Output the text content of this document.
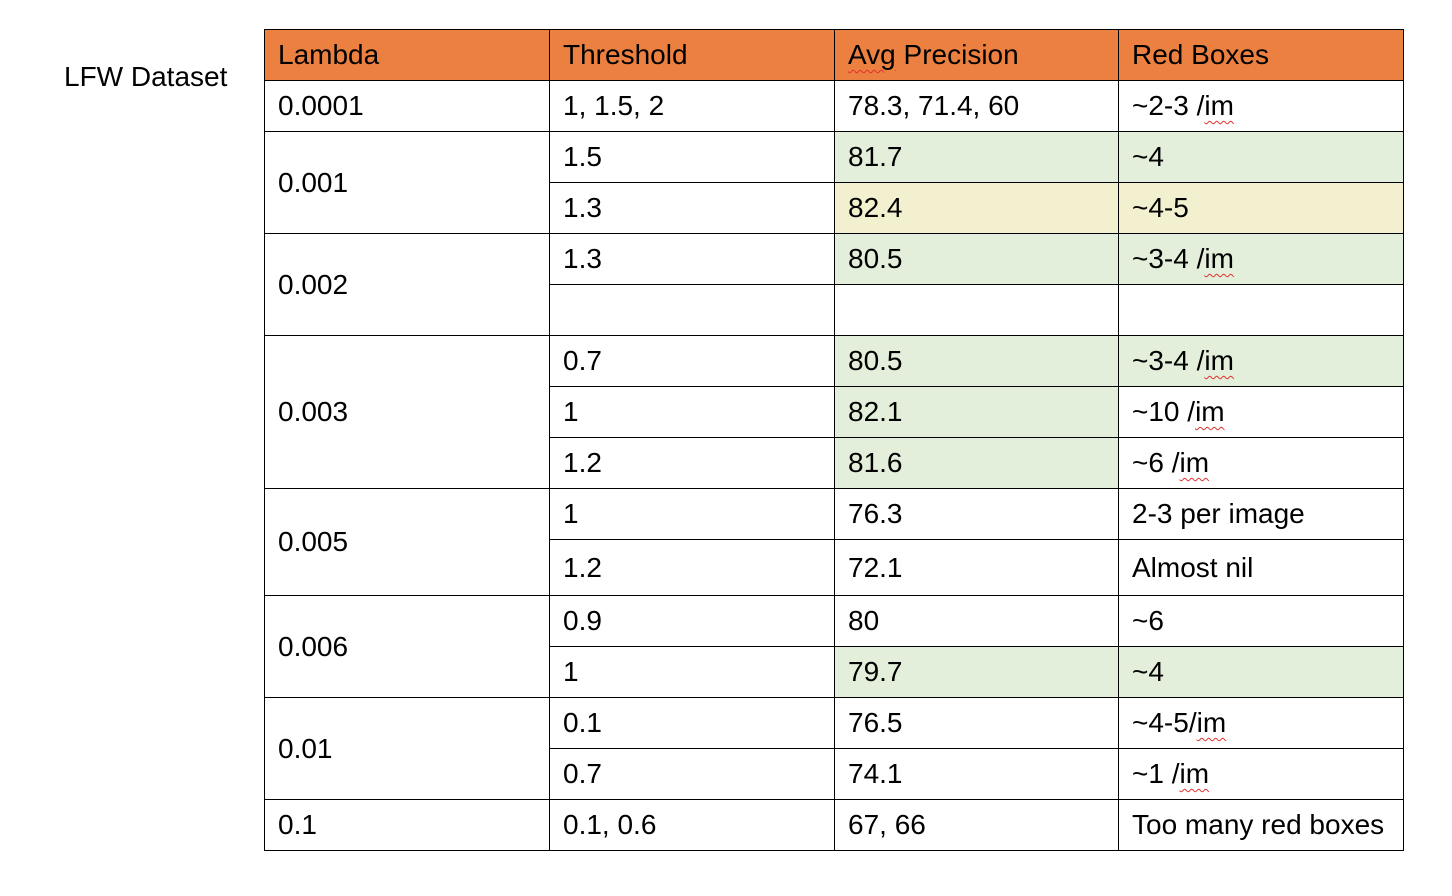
LFW Dataset
Lambda	Threshold	Avg Precision	Red Boxes
0.0001	1, 1.5, 2	78.3, 71.4, 60	~2-3 /im
0.001	1.5	81.7	~4
	1.3	82.4	~4-5
0.002	1.3	80.5	~3-4 /im

0.003	0.7	80.5	~3-4 /im
	1	82.1	~10 /im
	1.2	81.6	~6 /im
0.005	1	76.3	2-3 per image
	1.2	72.1	Almost nil
0.006	0.9	80	~6
	1	79.7	~4
0.01	0.1	76.5	~4-5/im
	0.7	74.1	~1 /im
0.1	0.1, 0.6	67, 66	Too many red boxes
